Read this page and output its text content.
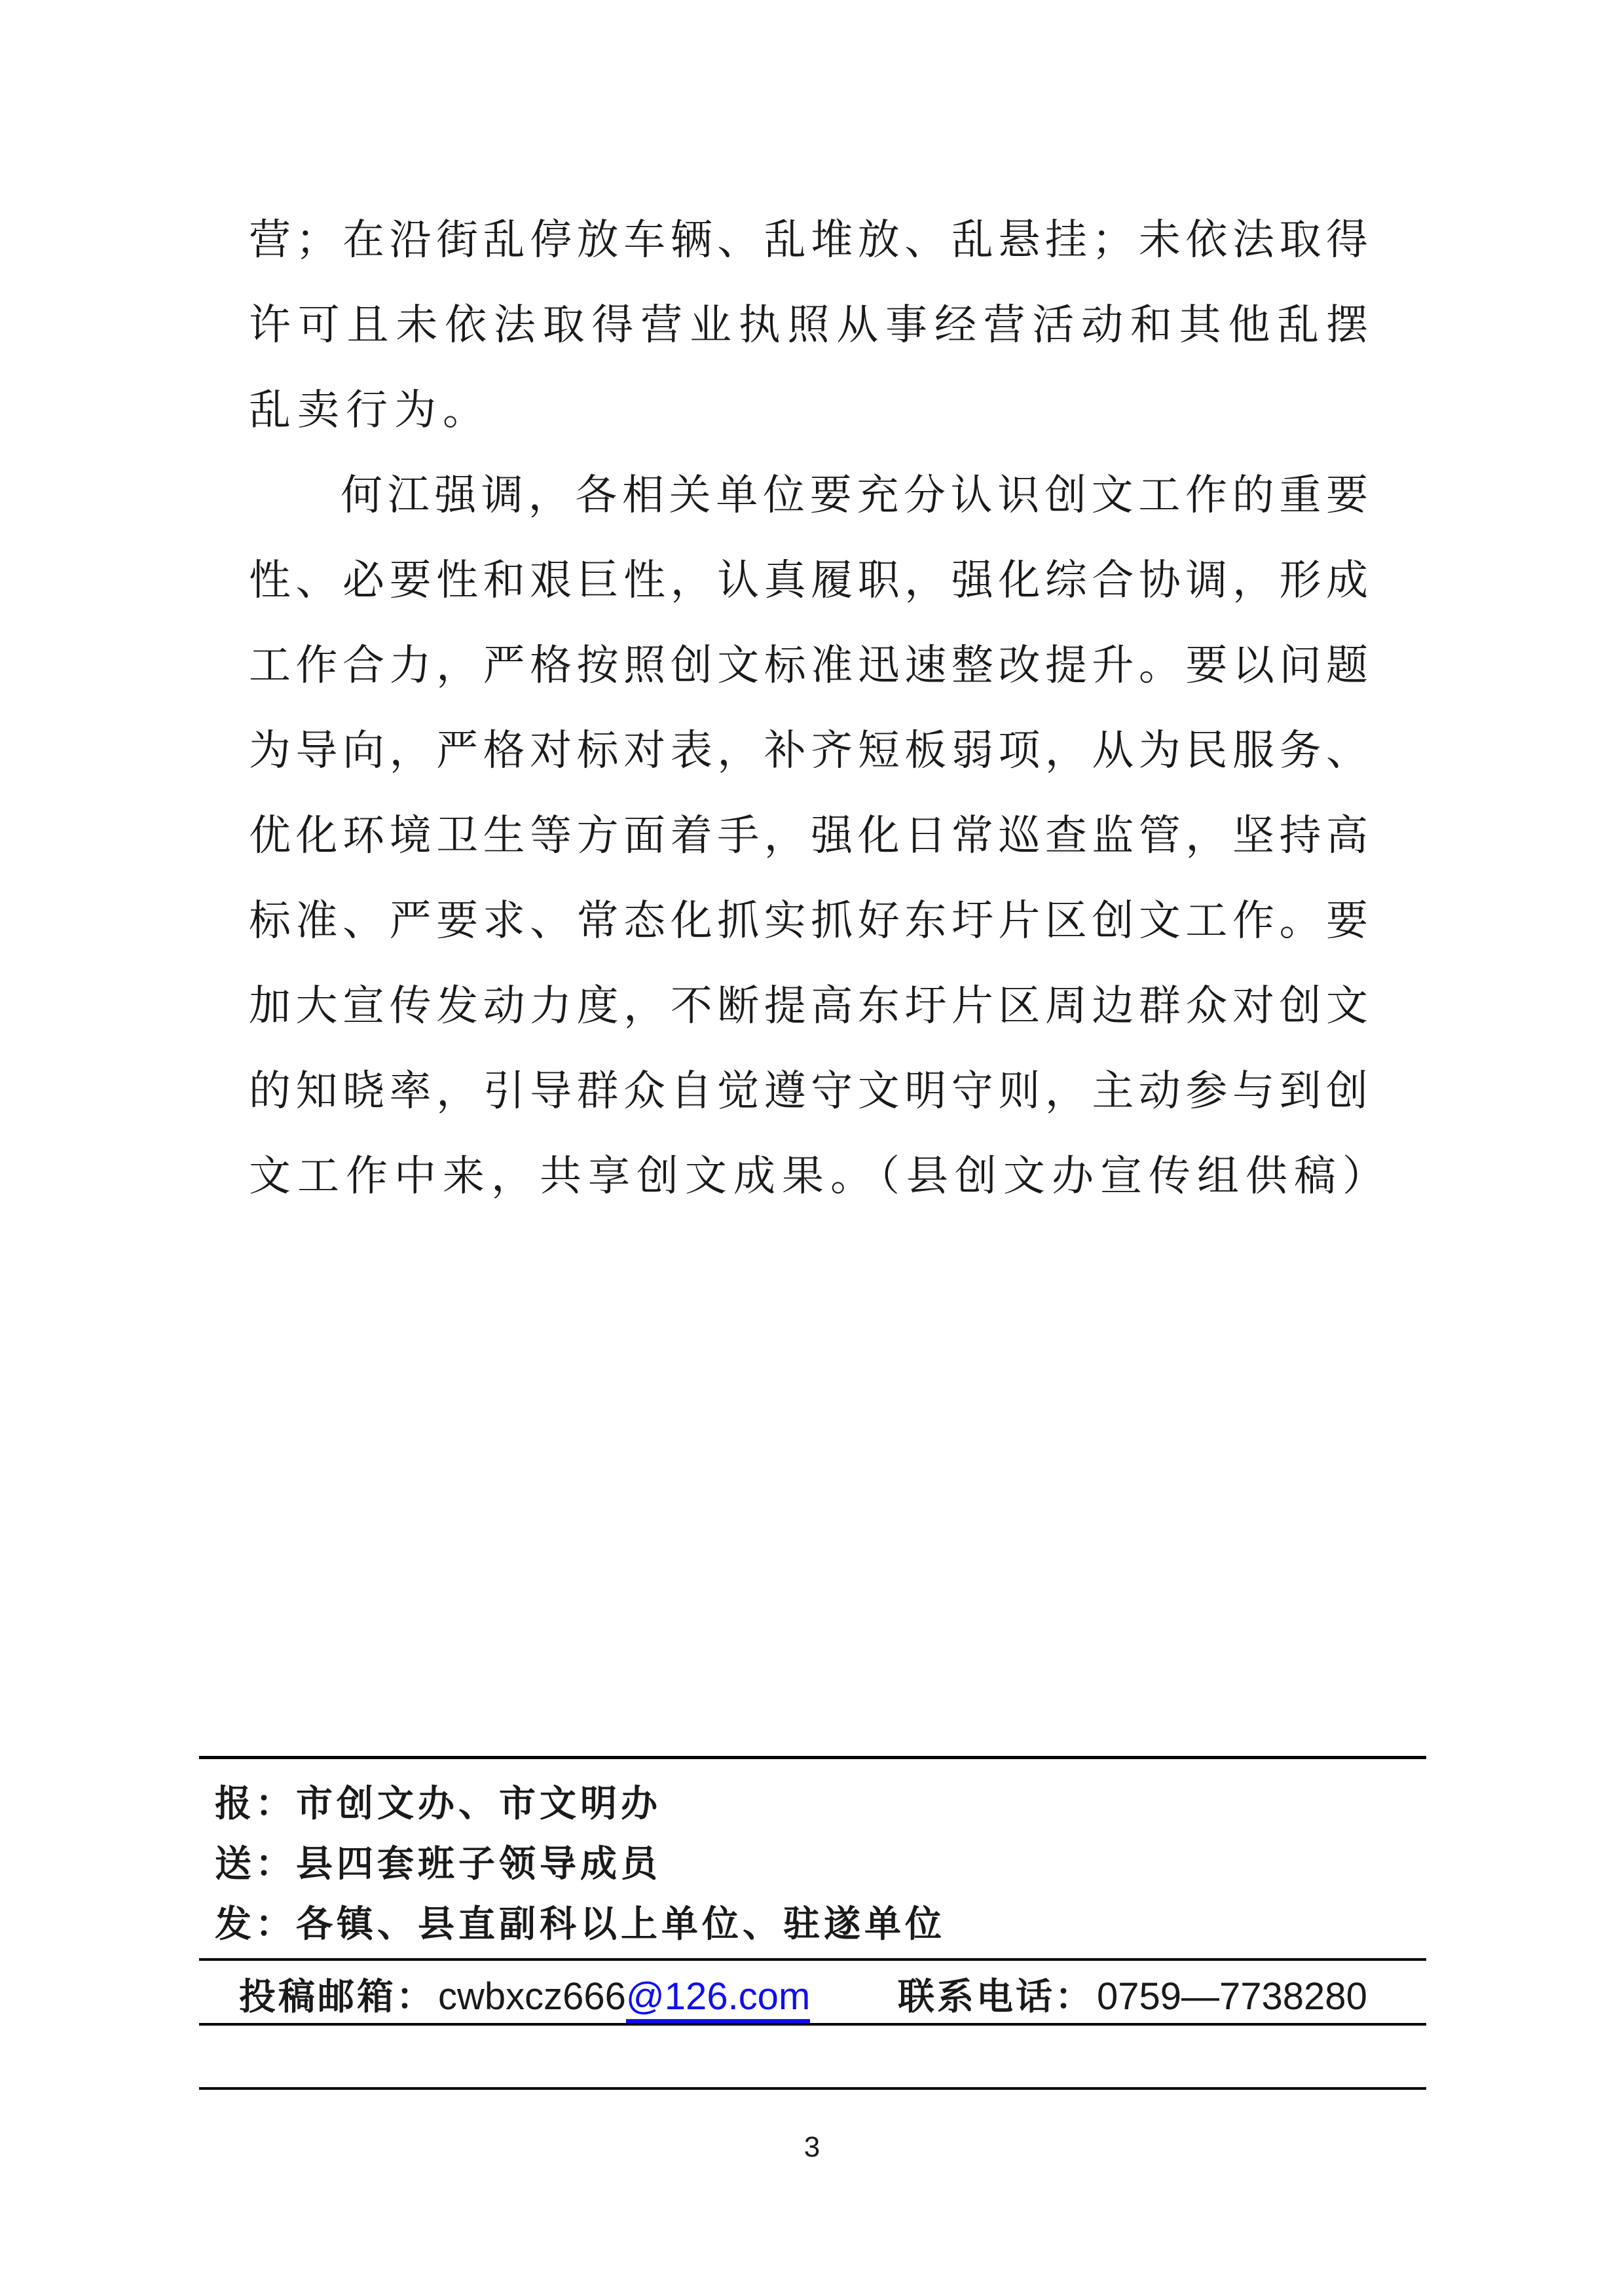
营；在沿街乱停放车辆、乱堆放、乱悬挂；未依法取得
许可且未依法取得营业执照从事经营活动和其他乱摆
乱卖行为。
何江强调，各相关单位要充分认识创文工作的重要
性、必要性和艰巨性，认真履职，强化综合协调，形成
工作合力，严格按照创文标准迅速整改提升。要以问题
为导向，严格对标对表，补齐短板弱项，从为民服务、
优化环境卫生等方面着手，强化日常巡查监管，坚持高
标准、严要求、常态化抓实抓好东圩片区创文工作。要
加大宣传发动力度，不断提高东圩片区周边群众对创文
的知晓率，引导群众自觉遵守文明守则，主动参与到创
文工作中来，共享创文成果。（县创文办宣传组供稿）
报：市创文办、市文明办
送：县四套班子领导成员
发：各镇、县直副科以上单位、驻遂单位
投稿邮箱： cwbxcz666@126.com 联系电话： 0759—7738280
3
